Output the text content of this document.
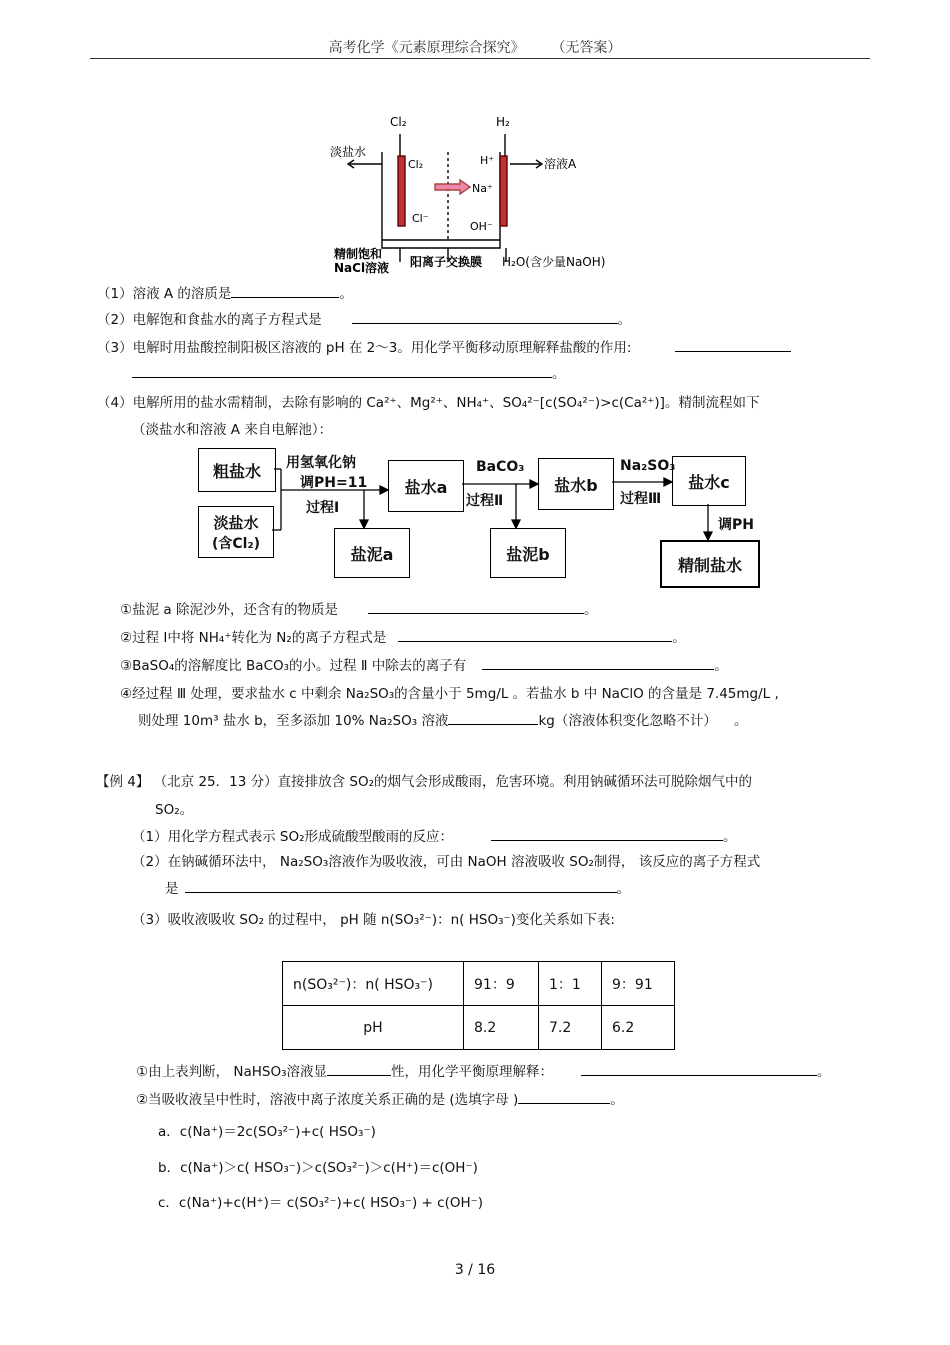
高考化学《元素原理综合探究》 （无答案）
Cl₂	H₂
淡盐水
溶液A
Cl₂	H⁺
Na⁺
Cl⁻
OH⁻
精制饱和
NaCl溶液 阳离子交换膜 H₂O(含少量NaOH)
（1）溶液 A 的溶质是	。
（2）电解饱和食盐水的离子方程式是	。
（3）电解时用盐酸控制阳极区溶液的 pH 在 2～3。用化学平衡移动原理解释盐酸的作用:
。
（4）电解所用的盐水需精制，去除有影响的 Ca²⁺、Mg²⁺、NH₄⁺、SO₄²⁻[c(SO₄²⁻)>c(Ca²⁺)]。精制流程如下
（淡盐水和溶液 A 来自电解池）：
粗盐水
淡盐水
(含Cl₂)
盐水a
盐泥a
盐水b
盐泥b
盐水c
精制盐水
用氢氧化钠
调PH=11
过程Ⅰ
BaCO₃
过程Ⅱ
Na₂SO₃
过程Ⅲ
调PH
①盐泥 a 除泥沙外，还含有的物质是	。
②过程 Ⅰ中将 NH₄⁺转化为 N₂的离子方程式是	。
③BaSO₄的溶解度比 BaCO₃的小。过程 Ⅱ 中除去的离子有	。
④经过程 Ⅲ 处理，要求盐水 c 中剩余 Na₂SO₃的含量小于 5mg/L 。若盐水 b 中 NaClO 的含量是 7.45mg/L ,
则处理 10m³ 盐水 b，至多添加 10% Na₂SO₃ 溶液	kg（溶液体积变化忽略不计） 。
【例 4】 （北京 25．13 分）直接排放含 SO₂的烟气会形成酸雨，危害环境。利用钠碱循环法可脱除烟气中的
SO₂。
（1）用化学方程式表示 SO₂形成硫酸型酸雨的反应：	。
（2）在钠碱循环法中， Na₂SO₃溶液作为吸收液，可由 NaOH 溶液吸收 SO₂制得， 该反应的离子方程式
是	。
（3）吸收液吸收 SO₂ 的过程中， pH 随 n(SO₃²⁻)：n( HSO₃⁻)变化关系如下表:
n(SO₃²⁻)：n( HSO₃⁻)	91：9	1：1	9：91
pH	8.2	7.2	6.2
①由上表判断， NaHSO₃溶液显	性，用化学平衡原理解释：	。
②当吸收液呈中性时，溶液中离子浓度关系正确的是 (选填字母 )	。
a．c(Na⁺)＝2c(SO₃²⁻)+c( HSO₃⁻)
b．c(Na⁺)＞c( HSO₃⁻)＞c(SO₃²⁻)＞c(H⁺)＝c(OH⁻)
c．c(Na⁺)+c(H⁺)＝ c(SO₃²⁻)+c( HSO₃⁻) + c(OH⁻)
3 / 16
